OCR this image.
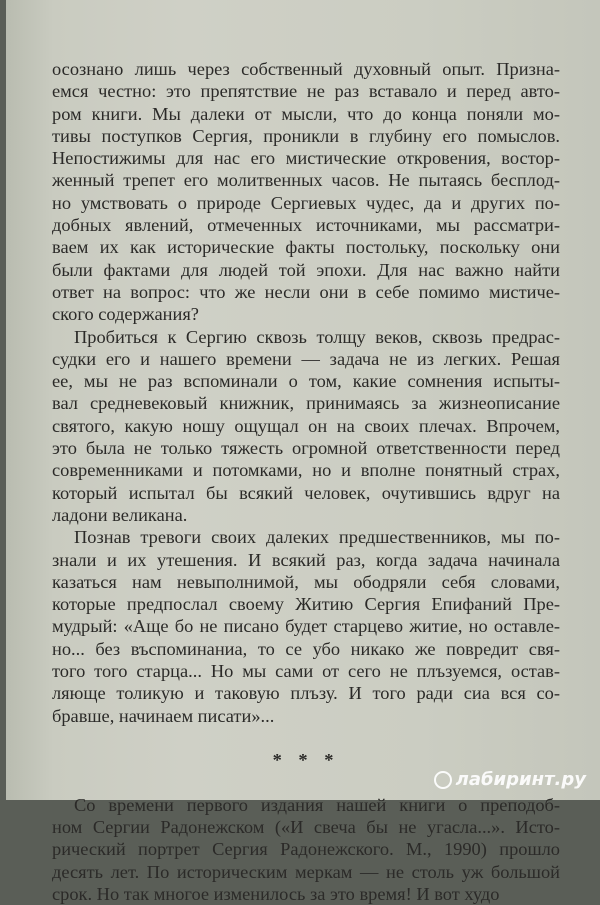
осознано лишь через собственный духовный опыт. Призна-
емся честно: это препятствие не раз вставало и перед авто-
ром книги. Мы далеки от мысли, что до конца поняли мо-
тивы поступков Сергия, проникли в глубину его помыслов.
Непостижимы для нас его мистические откровения, востор-
женный трепет его молитвенных часов. Не пытаясь бесплод-
но умствовать о природе Сергиевых чудес, да и других по-
добных явлений, отмеченных источниками, мы рассматри-
ваем их как исторические факты постольку, поскольку они
были фактами для людей той эпохи. Для нас важно найти
ответ на вопрос: что же несли они в себе помимо мистиче-
ского содержания?
Пробиться к Сергию сквозь толщу веков, сквозь предрас-
судки его и нашего времени — задача не из легких. Решая
ее, мы не раз вспоминали о том, какие сомнения испыты-
вал средневековый книжник, принимаясь за жизнеописание
святого, какую ношу ощущал он на своих плечах. Впрочем,
это была не только тяжесть огромной ответственности перед
современниками и потомками, но и вполне понятный страх,
который испытал бы всякий человек, очутившись вдруг на
ладони великана.
Познав тревоги своих далеких предшественников, мы по-
знали и их утешения. И всякий раз, когда задача начинала
казаться нам невыполнимой, мы ободряли себя словами,
которые предпослал своему Житию Сергия Епифаний Пре-
мудрый: «Аще бо не писано будет старцево житие, но оставле-
но... без въспоминаниа, то се убо никако же повредит свя-
того того старца... Но мы сами от сего не плъзуемся, остав-
ляюще толикую и таковую плъзу. И того ради сиа вся со-
бравше, начинаем писати»...
* * *
Со времени первого издания нашей книги о преподоб-
ном Сергии Радонежском («И свеча бы не угасла...». Исто-
рический портрет Сергия Радонежского. М., 1990) прошло
десять лет. По историческим меркам — не столь уж большой
срок. Но так многое изменилось за это время! И вот худо
лабиринт.ру
